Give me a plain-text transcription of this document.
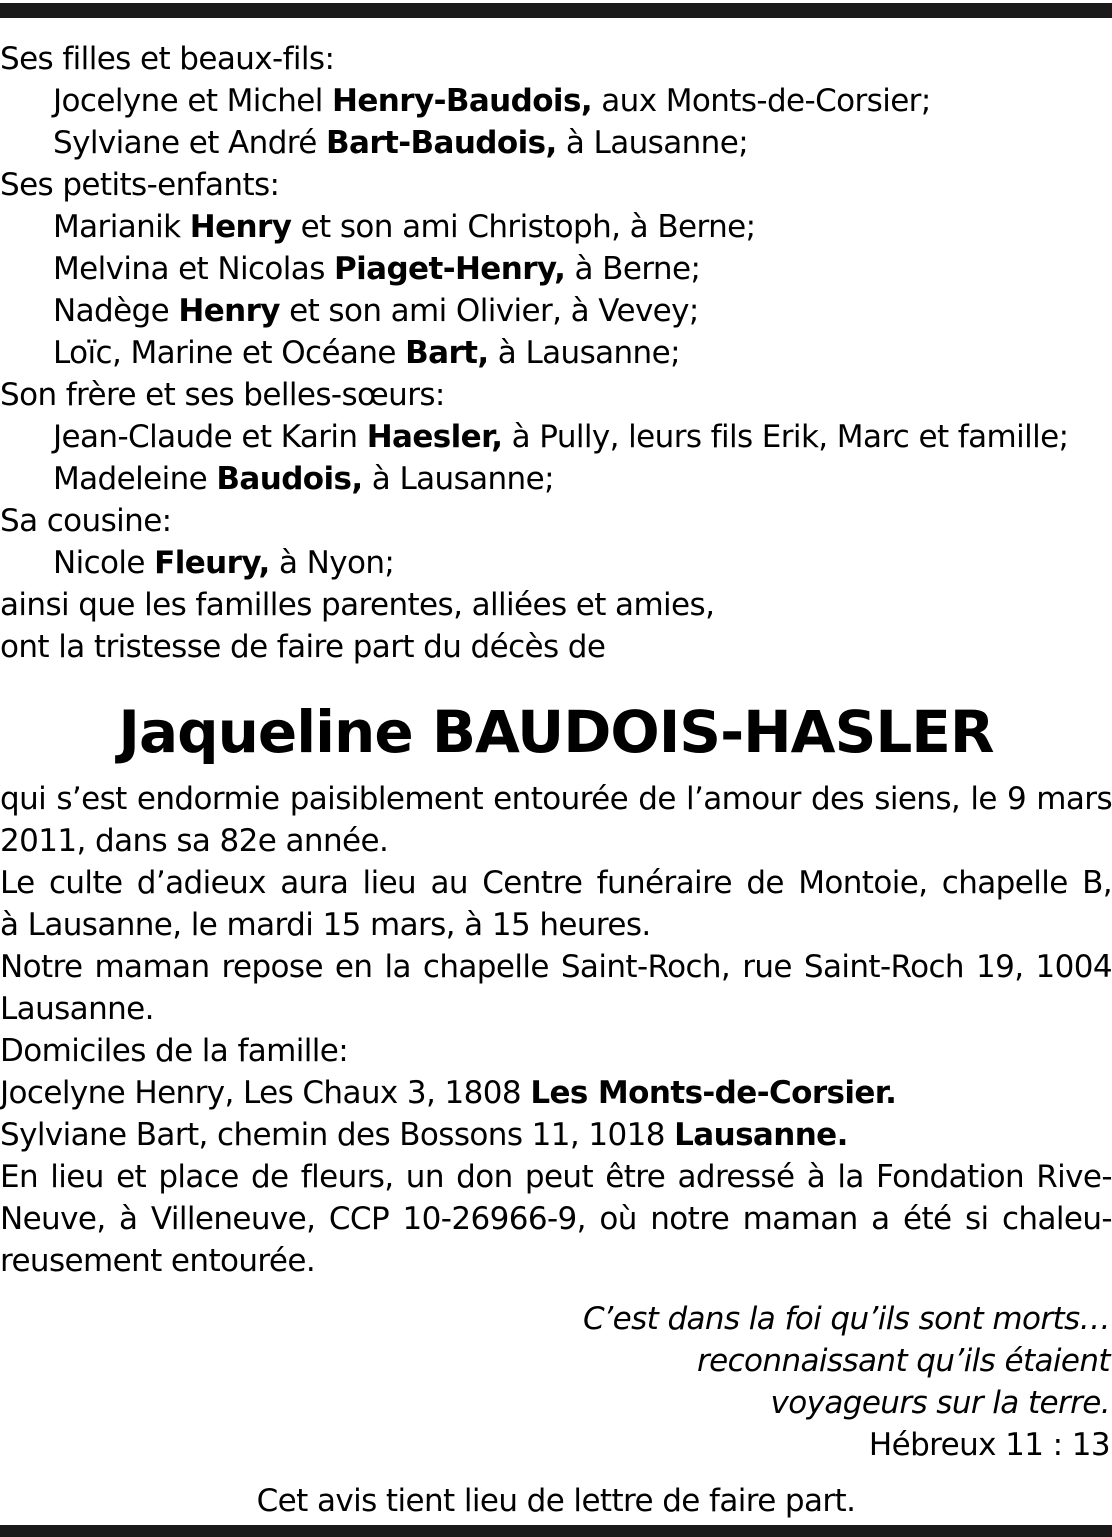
Ses filles et beaux-fils:
Jocelyne et Michel Henry-Baudois, aux Monts-de-Corsier;
Sylviane et André Bart-Baudois, à Lausanne;
Ses petits-enfants:
Marianik Henry et son ami Christoph, à Berne;
Melvina et Nicolas Piaget-Henry, à Berne;
Nadège Henry et son ami Olivier, à Vevey;
Loïc, Marine et Océane Bart, à Lausanne;
Son frère et ses belles-sœurs:
Jean-Claude et Karin Haesler, à Pully, leurs fils Erik, Marc et famille;
Madeleine Baudois, à Lausanne;
Sa cousine:
Nicole Fleury, à Nyon;
ainsi que les familles parentes, alliées et amies,
ont la tristesse de faire part du décès de
Jaqueline BAUDOIS-HASLER
qui s’est endormie paisiblement entourée de l’amour des siens, le 9 mars
2011, dans sa 82e année.
Le culte d’adieux aura lieu au Centre funéraire de Montoie, chapelle B,
à Lausanne, le mardi 15 mars, à 15 heures.
Notre maman repose en la chapelle Saint-Roch, rue Saint-Roch 19, 1004
Lausanne.
Domiciles de la famille:
Jocelyne Henry, Les Chaux 3, 1808 Les Monts-de-Corsier.
Sylviane Bart, chemin des Bossons 11, 1018 Lausanne.
En lieu et place de fleurs, un don peut être adressé à la Fondation Rive-
Neuve, à Villeneuve, CCP 10-26966-9, où notre maman a été si chaleu-
reusement entourée.
C’est dans la foi qu’ils sont morts…
reconnaissant qu’ils étaient
voyageurs sur la terre.
Hébreux 11 : 13
Cet avis tient lieu de lettre de faire part.
